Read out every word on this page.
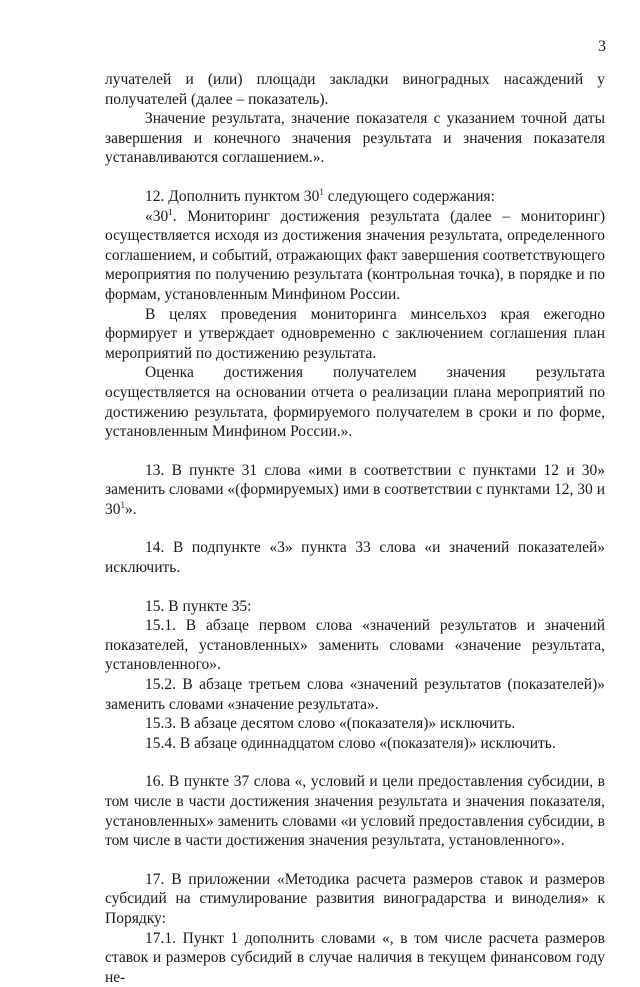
3

лучателей и (или) площади закладки виноградных насаждений у получателей (далее – показатель).

Значение результата, значение показателя с указанием точной даты завершения и конечного значения результата и значения показателя устанавливаются соглашением.».

12. Дополнить пунктом $30^1$ следующего содержания:

«$30^1$. Мониторинг достижения результата (далее – мониторинг) осуществляется исходя из достижения значения результата, определенного соглашением, и событий, отражающих факт завершения соответствующего мероприятия по получению результата (контрольная точка), в порядке и по формам, установленным Минфином России.

В целях проведения мониторинга минсельхоз края ежегодно формирует и утверждает одновременно с заключением соглашения план мероприятий по достижению результата.

Оценка достижения получателем значения результата осуществляется на основании отчета о реализации плана мероприятий по достижению результата, формируемого получателем в сроки и по форме, установленным Минфином России.».

13. В пункте 31 слова «ими в соответствии с пунктами 12 и 30» заменить словами «(формируемых) ими в соответствии с пунктами 12, 30 и $30^1$».

14. В подпункте «3» пункта 33 слова «и значений показателей» исключить.

15. В пункте 35:

15.1. В абзаце первом слова «значений результатов и значений показателей, установленных» заменить словами «значение результата, установленного».

15.2. В абзаце третьем слова «значений результатов (показателей)» заменить словами «значение результата».

15.3. В абзаце десятом слово «(показателя)» исключить.

15.4. В абзаце одиннадцатом слово «(показателя)» исключить.

16. В пункте 37 слова «, условий и цели предоставления субсидии, в том числе в части достижения значения результата и значения показателя, установленных» заменить словами «и условий предоставления субсидии, в том числе в части достижения значения результата, установленного».

17. В приложении «Методика расчета размеров ставок и размеров субсидий на стимулирование развития виноградарства и виноделия» к Порядку:

17.1. Пункт 1 дополнить словами «, в том числе расчета размеров ставок и размеров субсидий в случае наличия в текущем финансовом году не-
